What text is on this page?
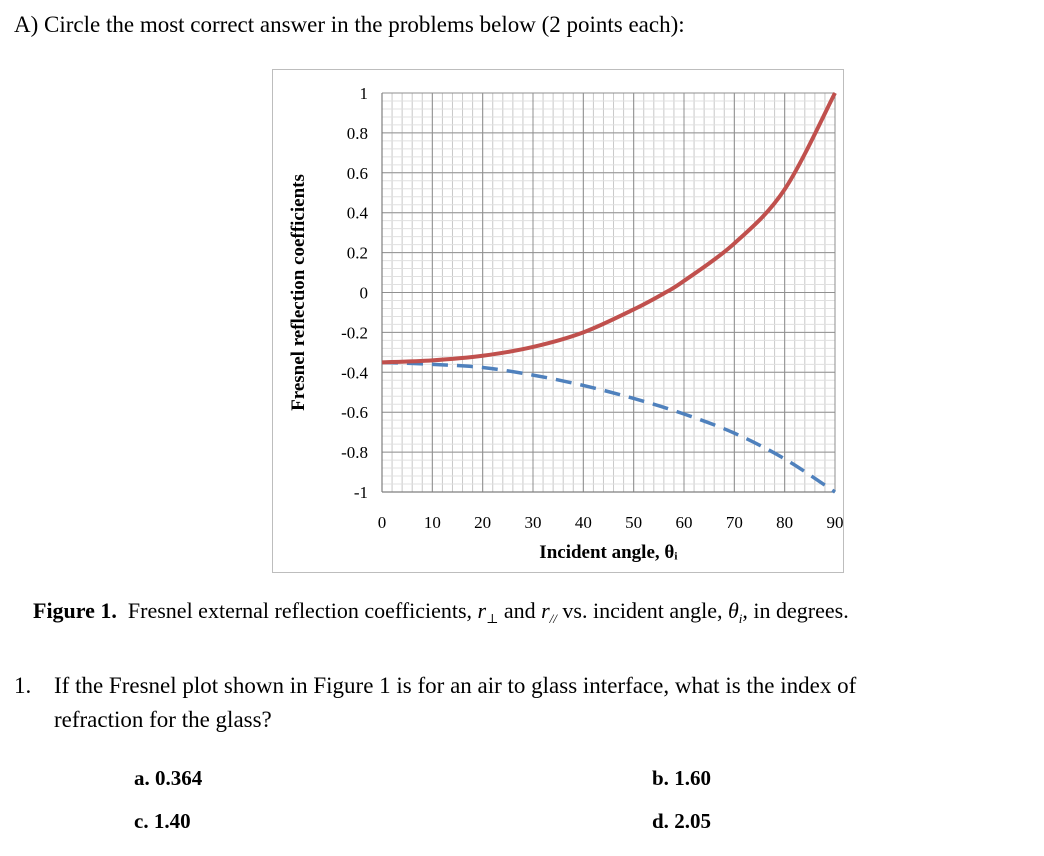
A) Circle the most correct answer in the problems below (2 points each):
1
0.8
0.6
0.4
0.2
0
-0.2
-0.4
-0.6
-0.8
-1
0 10 20 30 40 50 60 70 80 90
Incident angle, θᵢ
Fresnel reflection coefficients
Figure 1. Fresnel external reflection coefficients, $r_\perp$ and $r_{//}$ vs. incident angle, $\theta_i$, in degrees.
1. If the Fresnel plot shown in Figure 1 is for an air to glass interface, what is the index of
refraction for the glass?
a. 0.364	b. 1.60
c. 1.40	d. 2.05
